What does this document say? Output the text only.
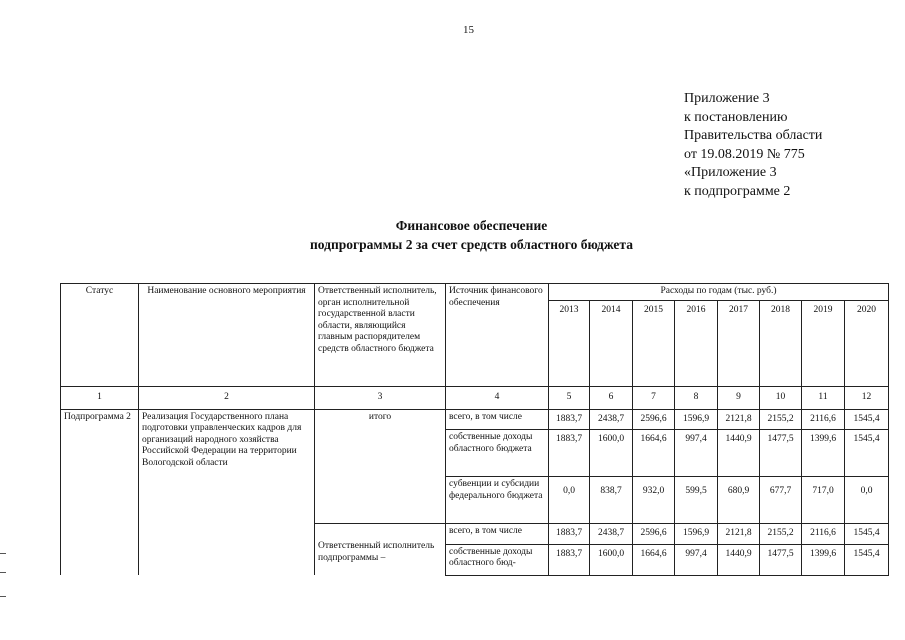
15
Приложение 3
к постановлению
Правительства области
от 19.08.2019 № 775
«Приложение 3
к подпрограмме 2
Финансовое обеспечение
подпрограммы 2 за счет средств областного бюджета
Статус	Наименование основного мероприятия	Ответственный исполнитель, орган исполнительной государственной власти области, являющийся главным распорядителем средств областного бюджета	Источник финансового обеспечения	Расходы по годам (тыс. руб.)							
				2013	2014	2015	2016	2017	2018	2019	2020
1	2	3	4	5	6	7	8	9	10	11	12
Подпрограмма 2	Реализация Государственного плана подготовки управленческих кадров для организаций народного хозяйства Российской Федерации на территории Вологодской области	итого	всего, в том числе	1883,7	2438,7	2596,6	1596,9	2121,8	2155,2	2116,6	1545,4
			собственные доходы областного бюджета	1883,7	1600,0	1664,6	997,4	1440,9	1477,5	1399,6	1545,4
			субвенции и субсидии федерального бюджета	0,0	838,7	932,0	599,5	680,9	677,7	717,0	0,0
		Ответственный исполнитель подпрограммы –	всего, в том числе	1883,7	2438,7	2596,6	1596,9	2121,8	2155,2	2116,6	1545,4
			собственные доходы областного бюд-	1883,7	1600,0	1664,6	997,4	1440,9	1477,5	1399,6	1545,4
